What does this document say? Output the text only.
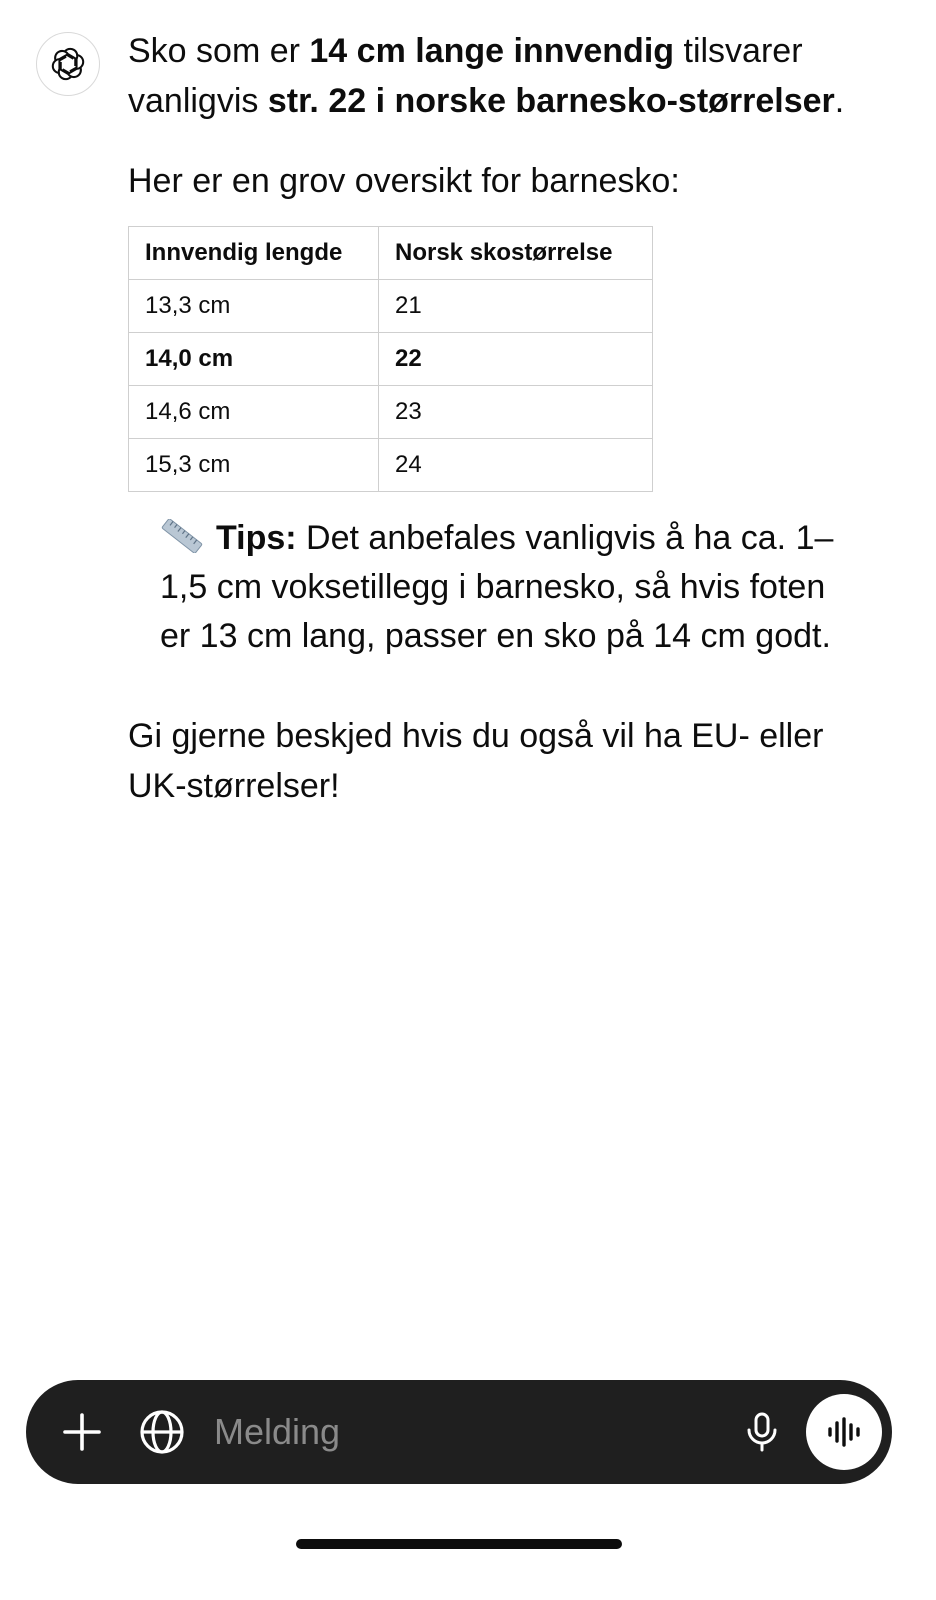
Sko som er 14 cm lange innvendig tilsvarer vanligvis str. 22 i norske barnesko-størrelser.

Her er en grov oversikt for barnesko:

Innvendig lengde	Norsk skostørrelse
13,3 cm	21
14,0 cm	22
14,6 cm	23
15,3 cm	24
Tips: Det anbefales vanligvis å ha ca. 1–1,5 cm voksetillegg i barnesko, så hvis foten er 13 cm lang, passer en sko på 14 cm godt.

Gi gjerne beskjed hvis du også vil ha EU- eller UK-størrelser!

Melding
